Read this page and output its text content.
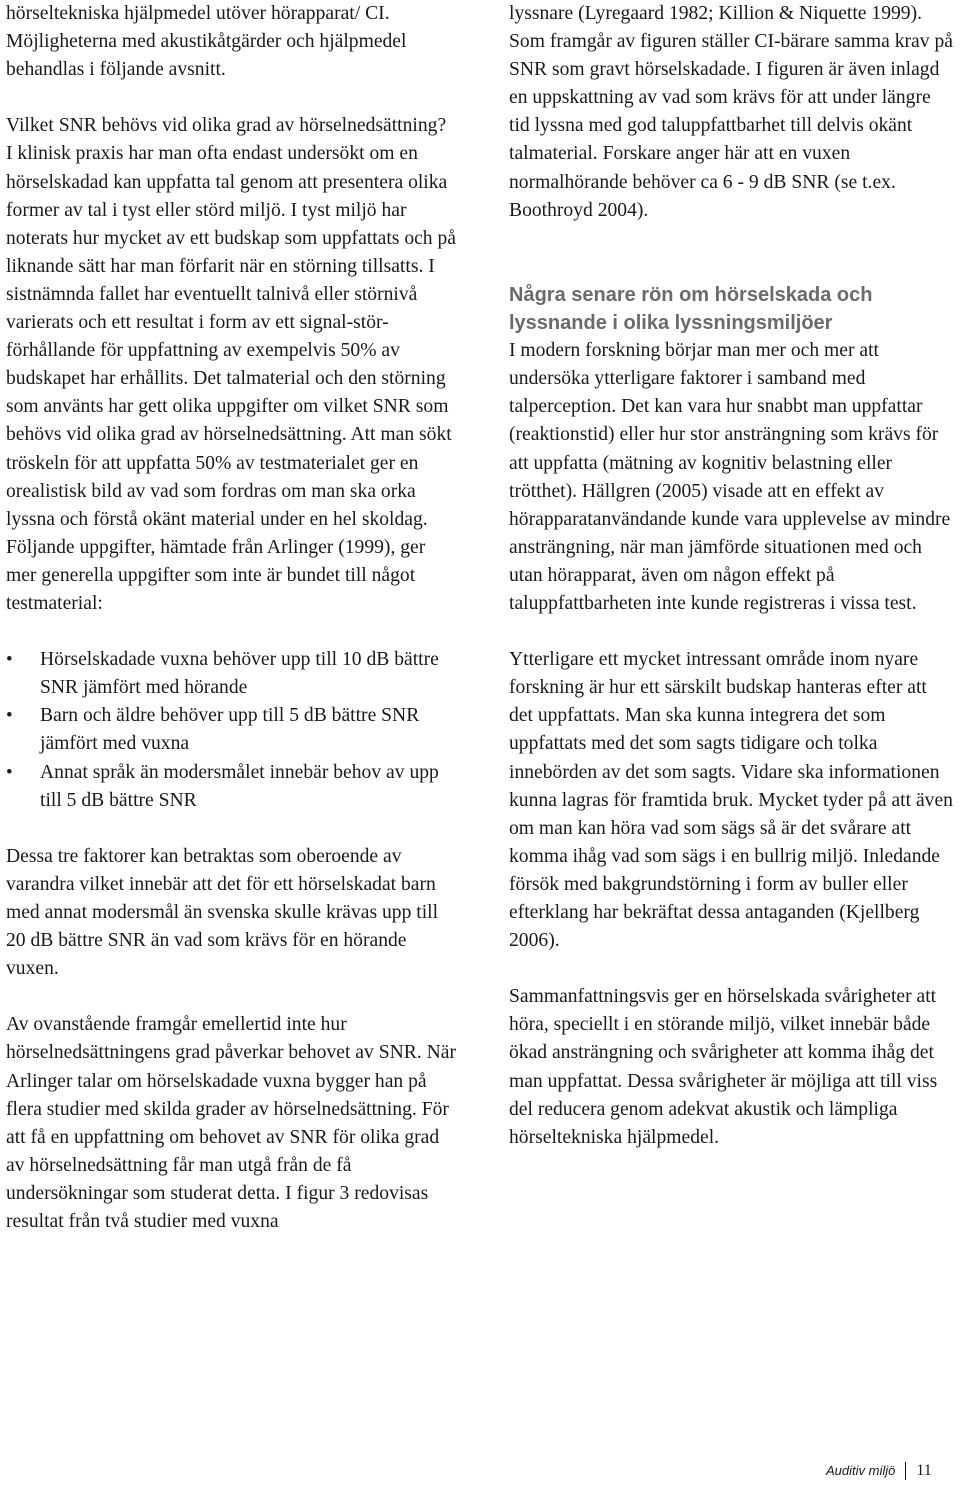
hörseltekniska hjälpmedel utöver hörapparat/ CI. Möjligheterna med akustikåtgärder och hjälpmedel behandlas i följande avsnitt.

Vilket SNR behövs vid olika grad av hörselnedsättning? I klinisk praxis har man ofta endast undersökt om en hörselskadad kan uppfatta tal genom att presentera olika former av tal i tyst eller störd miljö. I tyst miljö har noterats hur mycket av ett budskap som uppfattats och på liknande sätt har man förfarit när en störning tillsatts. I sistnämnda fallet har eventuellt talnivå eller störnivå varierats och ett resultat i form av ett signal-stör-förhållande för uppfattning av exempelvis 50% av budskapet har erhållits. Det talmaterial och den störning som använts har gett olika uppgifter om vilket SNR som behövs vid olika grad av hörselnedsättning. Att man sökt tröskeln för att uppfatta 50% av testmaterialet ger en orealistisk bild av vad som fordras om man ska orka lyssna och förstå okänt material under en hel skoldag. Följande uppgifter, hämtade från Arlinger (1999), ger mer generella uppgifter som inte är bundet till något testmaterial:

• Hörselskadade vuxna behöver upp till 10 dB bättre SNR jämfört med hörande
• Barn och äldre behöver upp till 5 dB bättre SNR jämfört med vuxna
• Annat språk än modersmålet innebär behov av upp till 5 dB bättre SNR

Dessa tre faktorer kan betraktas som oberoende av varandra vilket innebär att det för ett hörselskadat barn med annat modersmål än svenska skulle krävas upp till 20 dB bättre SNR än vad som krävs för en hörande vuxen.

Av ovanstående framgår emellertid inte hur hörselnedsättningens grad påverkar behovet av SNR. När Arlinger talar om hörselskadade vuxna bygger han på flera studier med skilda grader av hörselnedsättning. För att få en uppfattning om behovet av SNR för olika grad av hörselnedsättning får man utgå från de få undersökningar som studerat detta. I figur 3 redovisas resultat från två studier med vuxna

lyssnare (Lyregaard 1982; Killion & Niquette 1999). Som framgår av figuren ställer CI-bärare samma krav på SNR som gravt hörselskadade. I figuren är även inlagd en uppskattning av vad som krävs för att under längre tid lyssna med god taluppfattbarhet till delvis okänt talmaterial. Forskare anger här att en vuxen normalhörande behöver ca 6 - 9 dB SNR (se t.ex. Boothroyd 2004).

Några senare rön om hörselskada och lyssnande i olika lyssningsmiljöer

I modern forskning börjar man mer och mer att undersöka ytterligare faktorer i samband med talperception. Det kan vara hur snabbt man uppfattar (reaktionstid) eller hur stor ansträngning som krävs för att uppfatta (mätning av kognitiv belastning eller trötthet). Hällgren (2005) visade att en effekt av hörapparatanvändande kunde vara upplevelse av mindre ansträngning, när man jämförde situationen med och utan hörapparat, även om någon effekt på taluppfattbarheten inte kunde registreras i vissa test.

Ytterligare ett mycket intressant område inom nyare forskning är hur ett särskilt budskap hanteras efter att det uppfattats. Man ska kunna integrera det som uppfattats med det som sagts tidigare och tolka innebörden av det som sagts. Vidare ska informationen kunna lagras för framtida bruk. Mycket tyder på att även om man kan höra vad som sägs så är det svårare att komma ihåg vad som sägs i en bullrig miljö. Inledande försök med bakgrundstörning i form av buller eller efterklang har bekräftat dessa antaganden (Kjellberg 2006).

Sammanfattningsvis ger en hörselskada svårigheter att höra, speciellt i en störande miljö, vilket innebär både ökad ansträngning och svårigheter att komma ihåg det man uppfattat. Dessa svårigheter är möjliga att till viss del reducera genom adekvat akustik och lämpliga hörseltekniska hjälpmedel.

Auditiv miljö 11
